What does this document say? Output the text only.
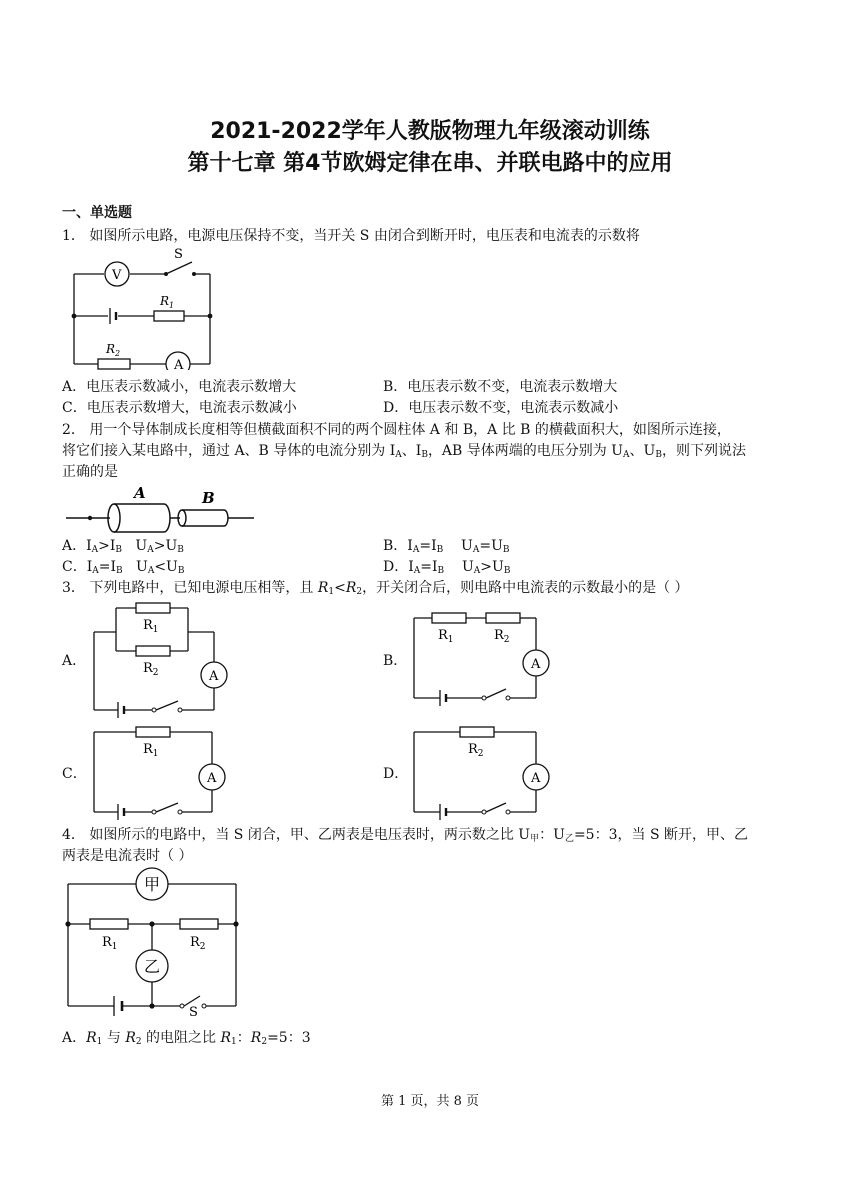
2021-2022学年人教版物理九年级滚动训练
第十七章 第4节欧姆定律在串、并联电路中的应用
一、单选题
1． 如图所示电路，电源电压保持不变，当开关 S 由闭合到断开时，电压表和电流表的示数将
V
A
S
$R_1$
$R_2$
A．电压表示数减小，电流表示数增大	B．电压表示数不变，电流表示数增大
C．电压表示数增大，电流表示数减小	D．电压表示数不变，电流表示数减小
2． 用一个导体制成长度相等但横截面积不同的两个圆柱体 A 和 B，A 比 B 的横截面积大，如图所示连接，
将它们接入某电路中，通过 A、B 导体的电流分别为 $I_A$、$I_B$，AB 导体两端的电压分别为 $U_A$、$U_B$，则下列说法
正确的是
A	B
A．$I_A>I_B$ $U_A>U_B$	B．$I_A=I_B$ $U_A=U_B$
C．$I_A=I_B$ $U_A<U_B$	D．$I_A=I_B$ $U_A>U_B$
3． 下列电路中，已知电源电压相等，且 $R_1<R_2$，开关闭合后，则电路中电流表的示数最小的是（ ）
A．
$R_1$
$R_2$	A
B．
$R_1$	$R_2$
A
C．
$R_1$
A	D．
$R_2$
A
4． 如图所示的电路中，当 S 闭合，甲、乙两表是电压表时，两示数之比 $U_甲$：$U_乙=5$：3，当 S 断开，甲、乙
两表是电流表时（ ）
甲
乙
$R_1$	$R_2$
S
A．$R_1$ 与 $R_2$ 的电阻之比 $R_1$：$R_2=5$：3
第 1 页，共 8 页
